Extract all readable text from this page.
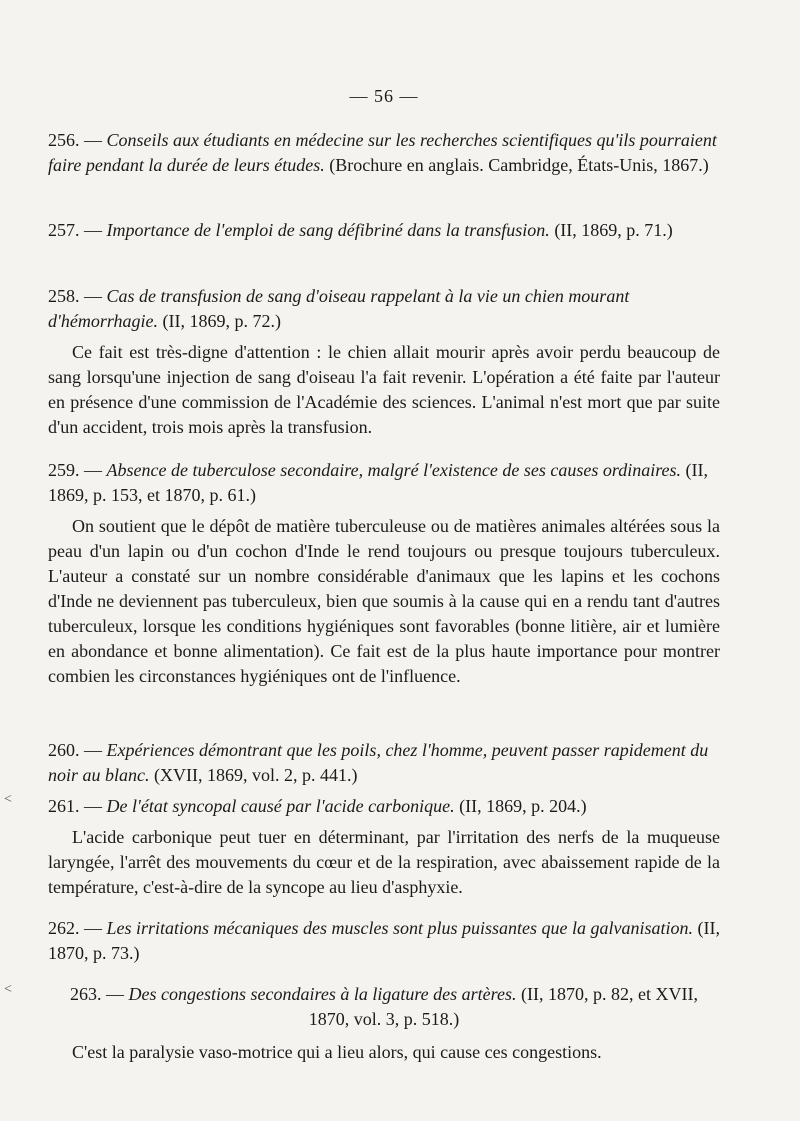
— 56 —
256. — Conseils aux étudiants en médecine sur les recherches scientifiques qu'ils pourraient faire pendant la durée de leurs études. (Brochure en anglais. Cambridge, États-Unis, 1867.)
257. — Importance de l'emploi de sang défibriné dans la transfusion. (II, 1869, p. 71.)
258. — Cas de transfusion de sang d'oiseau rappelant à la vie un chien mourant d'hémorrhagie. (II, 1869, p. 72.)
Ce fait est très-digne d'attention : le chien allait mourir après avoir perdu beaucoup de sang lorsqu'une injection de sang d'oiseau l'a fait revenir. L'opération a été faite par l'auteur en présence d'une commission de l'Académie des sciences. L'animal n'est mort que par suite d'un accident, trois mois après la transfusion.
259. — Absence de tuberculose secondaire, malgré l'existence de ses causes ordinaires. (II, 1869, p. 153, et 1870, p. 61.)
On soutient que le dépôt de matière tuberculeuse ou de matières animales altérées sous la peau d'un lapin ou d'un cochon d'Inde le rend toujours ou presque toujours tuberculeux. L'auteur a constaté sur un nombre considérable d'animaux que les lapins et les cochons d'Inde ne deviennent pas tuberculeux, bien que soumis à la cause qui en a rendu tant d'autres tuberculeux, lorsque les conditions hygiéniques sont favorables (bonne litière, air et lumière en abondance et bonne alimentation). Ce fait est de la plus haute importance pour montrer combien les circonstances hygiéniques ont de l'influence.
260. — Expériences démontrant que les poils, chez l'homme, peuvent passer rapidement du noir au blanc. (XVII, 1869, vol. 2, p. 441.)
261. — De l'état syncopal causé par l'acide carbonique. (II, 1869, p. 204.)
L'acide carbonique peut tuer en déterminant, par l'irritation des nerfs de la muqueuse laryngée, l'arrêt des mouvements du cœur et de la respiration, avec abaissement rapide de la température, c'est-à-dire de la syncope au lieu d'asphyxie.
262. — Les irritations mécaniques des muscles sont plus puissantes que la galvanisation. (II, 1870, p. 73.)
263. — Des congestions secondaires à la ligature des artères. (II, 1870, p. 82, et XVII, 1870, vol. 3, p. 518.)
C'est la paralysie vaso-motrice qui a lieu alors, qui cause ces congestions.
<
<
